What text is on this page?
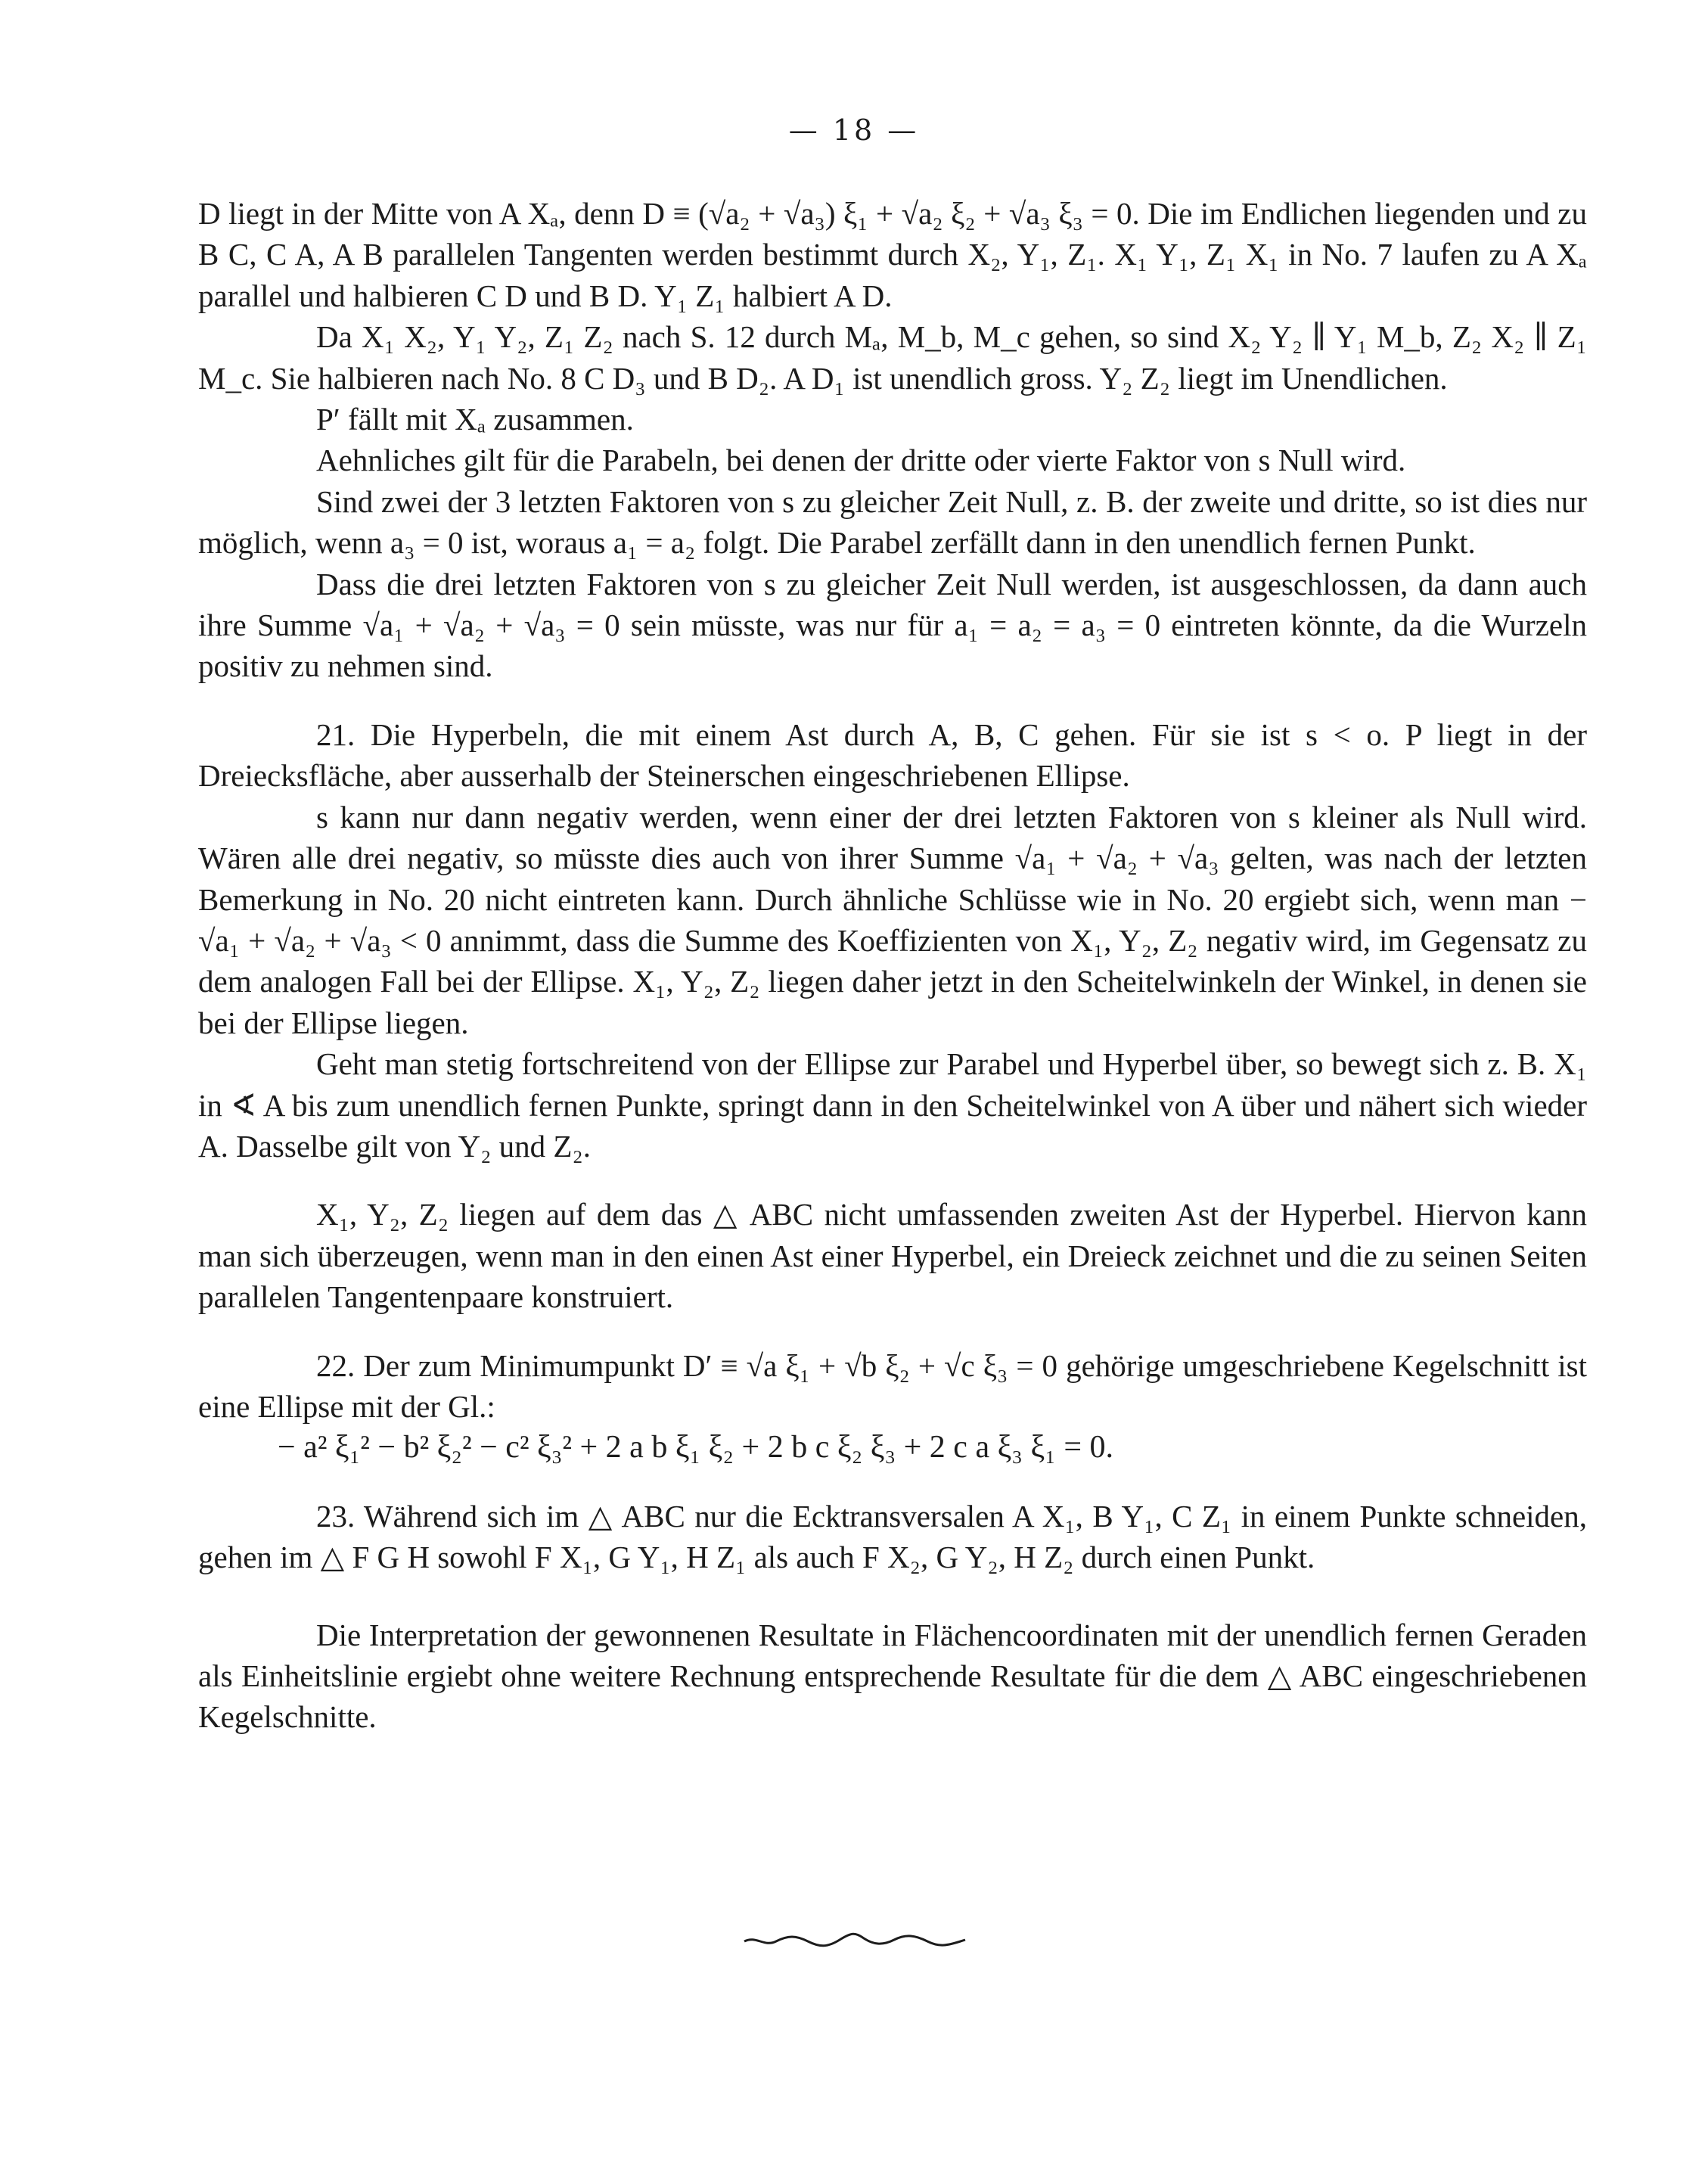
— 18 —

D liegt in der Mitte von A Xₐ, denn D ≡ (√a₂ + √a₃) ξ₁ + √a₂ ξ₂ + √a₃ ξ₃ = 0. Die im Endlichen liegenden und zu B C, C A, A B parallelen Tangenten werden bestimmt durch X₂, Y₁, Z₁. X₁ Y₁, Z₁ X₁ in No. 7 laufen zu A Xₐ parallel und halbieren C D und B D. Y₁ Z₁ halbiert A D.

Da X₁ X₂, Y₁ Y₂, Z₁ Z₂ nach S. 12 durch Mₐ, M_b, M_c gehen, so sind X₂ Y₂ ∥ Y₁ M_b, Z₂ X₂ ∥ Z₁ M_c. Sie halbieren nach No. 8 C D₃ und B D₂. A D₁ ist unendlich gross. Y₂ Z₂ liegt im Unendlichen.

P′ fällt mit Xₐ zusammen.

Aehnliches gilt für die Parabeln, bei denen der dritte oder vierte Faktor von s Null wird.

Sind zwei der 3 letzten Faktoren von s zu gleicher Zeit Null, z. B. der zweite und dritte, so ist dies nur möglich, wenn a₃ = 0 ist, woraus a₁ = a₂ folgt. Die Parabel zerfällt dann in den unendlich fernen Punkt.

Dass die drei letzten Faktoren von s zu gleicher Zeit Null werden, ist ausgeschlossen, da dann auch ihre Summe √a₁ + √a₂ + √a₃ = 0 sein müsste, was nur für a₁ = a₂ = a₃ = 0 eintreten könnte, da die Wurzeln positiv zu nehmen sind.

21. Die Hyperbeln, die mit einem Ast durch A, B, C gehen. Für sie ist s < o. P liegt in der Dreiecksfläche, aber ausserhalb der Steinerschen eingeschriebenen Ellipse.

s kann nur dann negativ werden, wenn einer der drei letzten Faktoren von s kleiner als Null wird. Wären alle drei negativ, so müsste dies auch von ihrer Summe √a₁ + √a₂ + √a₃ gelten, was nach der letzten Bemerkung in No. 20 nicht eintreten kann. Durch ähnliche Schlüsse wie in No. 20 ergiebt sich, wenn man − √a₁ + √a₂ + √a₃ < 0 annimmt, dass die Summe des Koeffizienten von X₁, Y₂, Z₂ negativ wird, im Gegensatz zu dem analogen Fall bei der Ellipse. X₁, Y₂, Z₂ liegen daher jetzt in den Scheitelwinkeln der Winkel, in denen sie bei der Ellipse liegen.

Geht man stetig fortschreitend von der Ellipse zur Parabel und Hyperbel über, so bewegt sich z. B. X₁ in ∢ A bis zum unendlich fernen Punkte, springt dann in den Scheitelwinkel von A über und nähert sich wieder A. Dasselbe gilt von Y₂ und Z₂.

X₁, Y₂, Z₂ liegen auf dem das △ ABC nicht umfassenden zweiten Ast der Hyperbel. Hiervon kann man sich überzeugen, wenn man in den einen Ast einer Hyperbel, ein Dreieck zeichnet und die zu seinen Seiten parallelen Tangentenpaare konstruiert.

22. Der zum Minimumpunkt D′ ≡ √a ξ₁ + √b ξ₂ + √c ξ₃ = 0 gehörige umgeschriebene Kegelschnitt ist eine Ellipse mit der Gl.:

− a² ξ₁² − b² ξ₂² − c² ξ₃² + 2 a b ξ₁ ξ₂ + 2 b c ξ₂ ξ₃ + 2 c a ξ₃ ξ₁ = 0.

23. Während sich im △ ABC nur die Ecktransversalen A X₁, B Y₁, C Z₁ in einem Punkte schneiden, gehen im △ F G H sowohl F X₁, G Y₁, H Z₁ als auch F X₂, G Y₂, H Z₂ durch einen Punkt.

Die Interpretation der gewonnenen Resultate in Flächencoordinaten mit der unendlich fernen Geraden als Einheitslinie ergiebt ohne weitere Rechnung entsprechende Resultate für die dem △ ABC eingeschriebenen Kegelschnitte.
